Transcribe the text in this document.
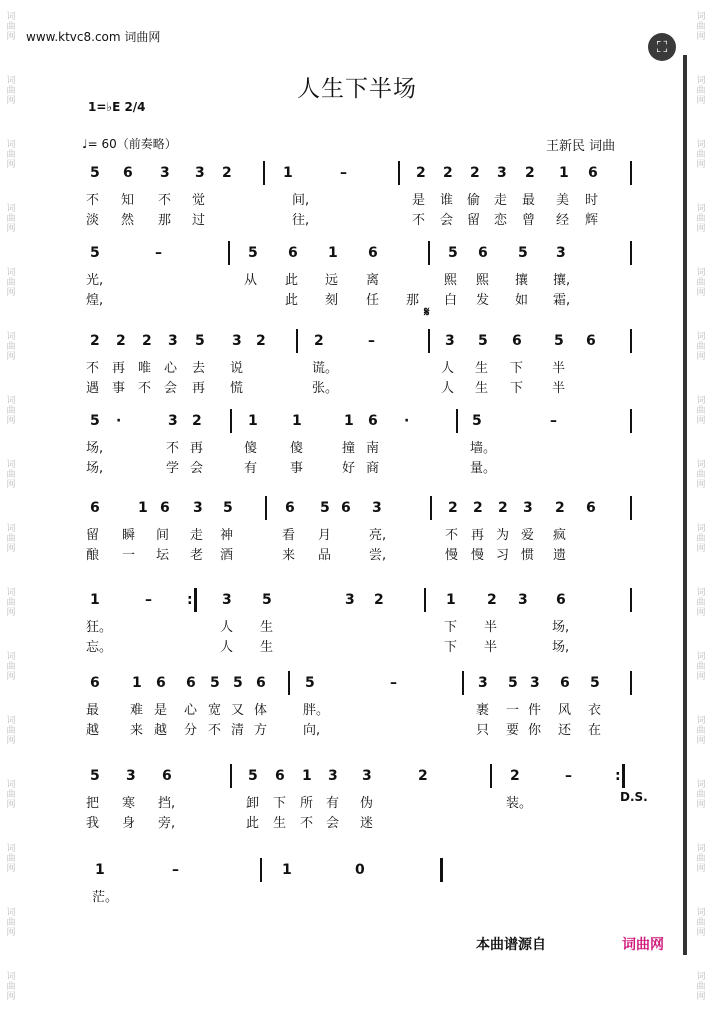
词
曲
网
词
曲
网
词
曲
网
词
曲
网
词
曲
网
词
曲
网
词
曲
网
词
曲
网
词
曲
网
词
曲
网
词
曲
网
词
曲
网
词
曲
网
词
曲
网
词
曲
网
词
曲
网
词
曲
网
词
曲
网
词
曲
网
词
曲
网
词
曲
网
词
曲
网
词
曲
网
词
曲
网
词
曲
网
词
曲
网
词
曲
网
词
曲
网
词
曲
网
词
曲
网
词
曲
网
词
曲
网
www.ktvc8.com 词曲网
⛶
人生下半场
1=♭E 2/4
♩= 60（前奏略）	王新民 词曲
𝄋
5 6 3 3 2	1	–	2 2 2 3 2 1 6
不 知 不 觉	间,	是 谁 偷 走 最 美 时
淡 然 那 过	往,	不 会 留 恋 曾 经 辉
5	–	5 6 1 6	5 6 5 3
光,	从 此 远 离	熙 熙 攘 攘,
煌,	此 刻 任 那 白 发 如 霜,
2 2 2 3 5 3 2	2	–	3 5 6 5 6
不 再 唯 心 去 说	谎。	人 生 下 半
遇 事 不 会 再 慌	张。	人 生 下 半
5 ·	3 2	1 1	1 6 ·	5	–
场,	不 再	傻	傻	撞 南	墙。
场,	学 会	有	事	好 商	量。
6	1 6 3 5	6 5 6 3	2 2 2 3 2 6
留 瞬 间 走 神	看 月	亮,	不 再 为 爱 疯
酿 一 坛 老 酒	来 品	尝,	慢 慢 习 惯 遗
1	–	: 3 5	3 2	1 2 3 6
狂。	人 生	下 半	场,
忘。	人 生	下 半	场,
6 1 6 6 5 5 6	5	–	3 5 3 6 5
最 难 是 心 宽 又 体	胖。	裹 一 件 风 衣
越 来 越 分 不 清 方	向,	只 要 你 还 在
5 3 6	5 6 1 3 3	2	2	–	:
把 寒 挡,	卸 下 所 有 伪	装。
我 身 旁,	此 生 不 会 迷
1	–	1	0
茫。
D.S.
本曲谱源自	词曲网
